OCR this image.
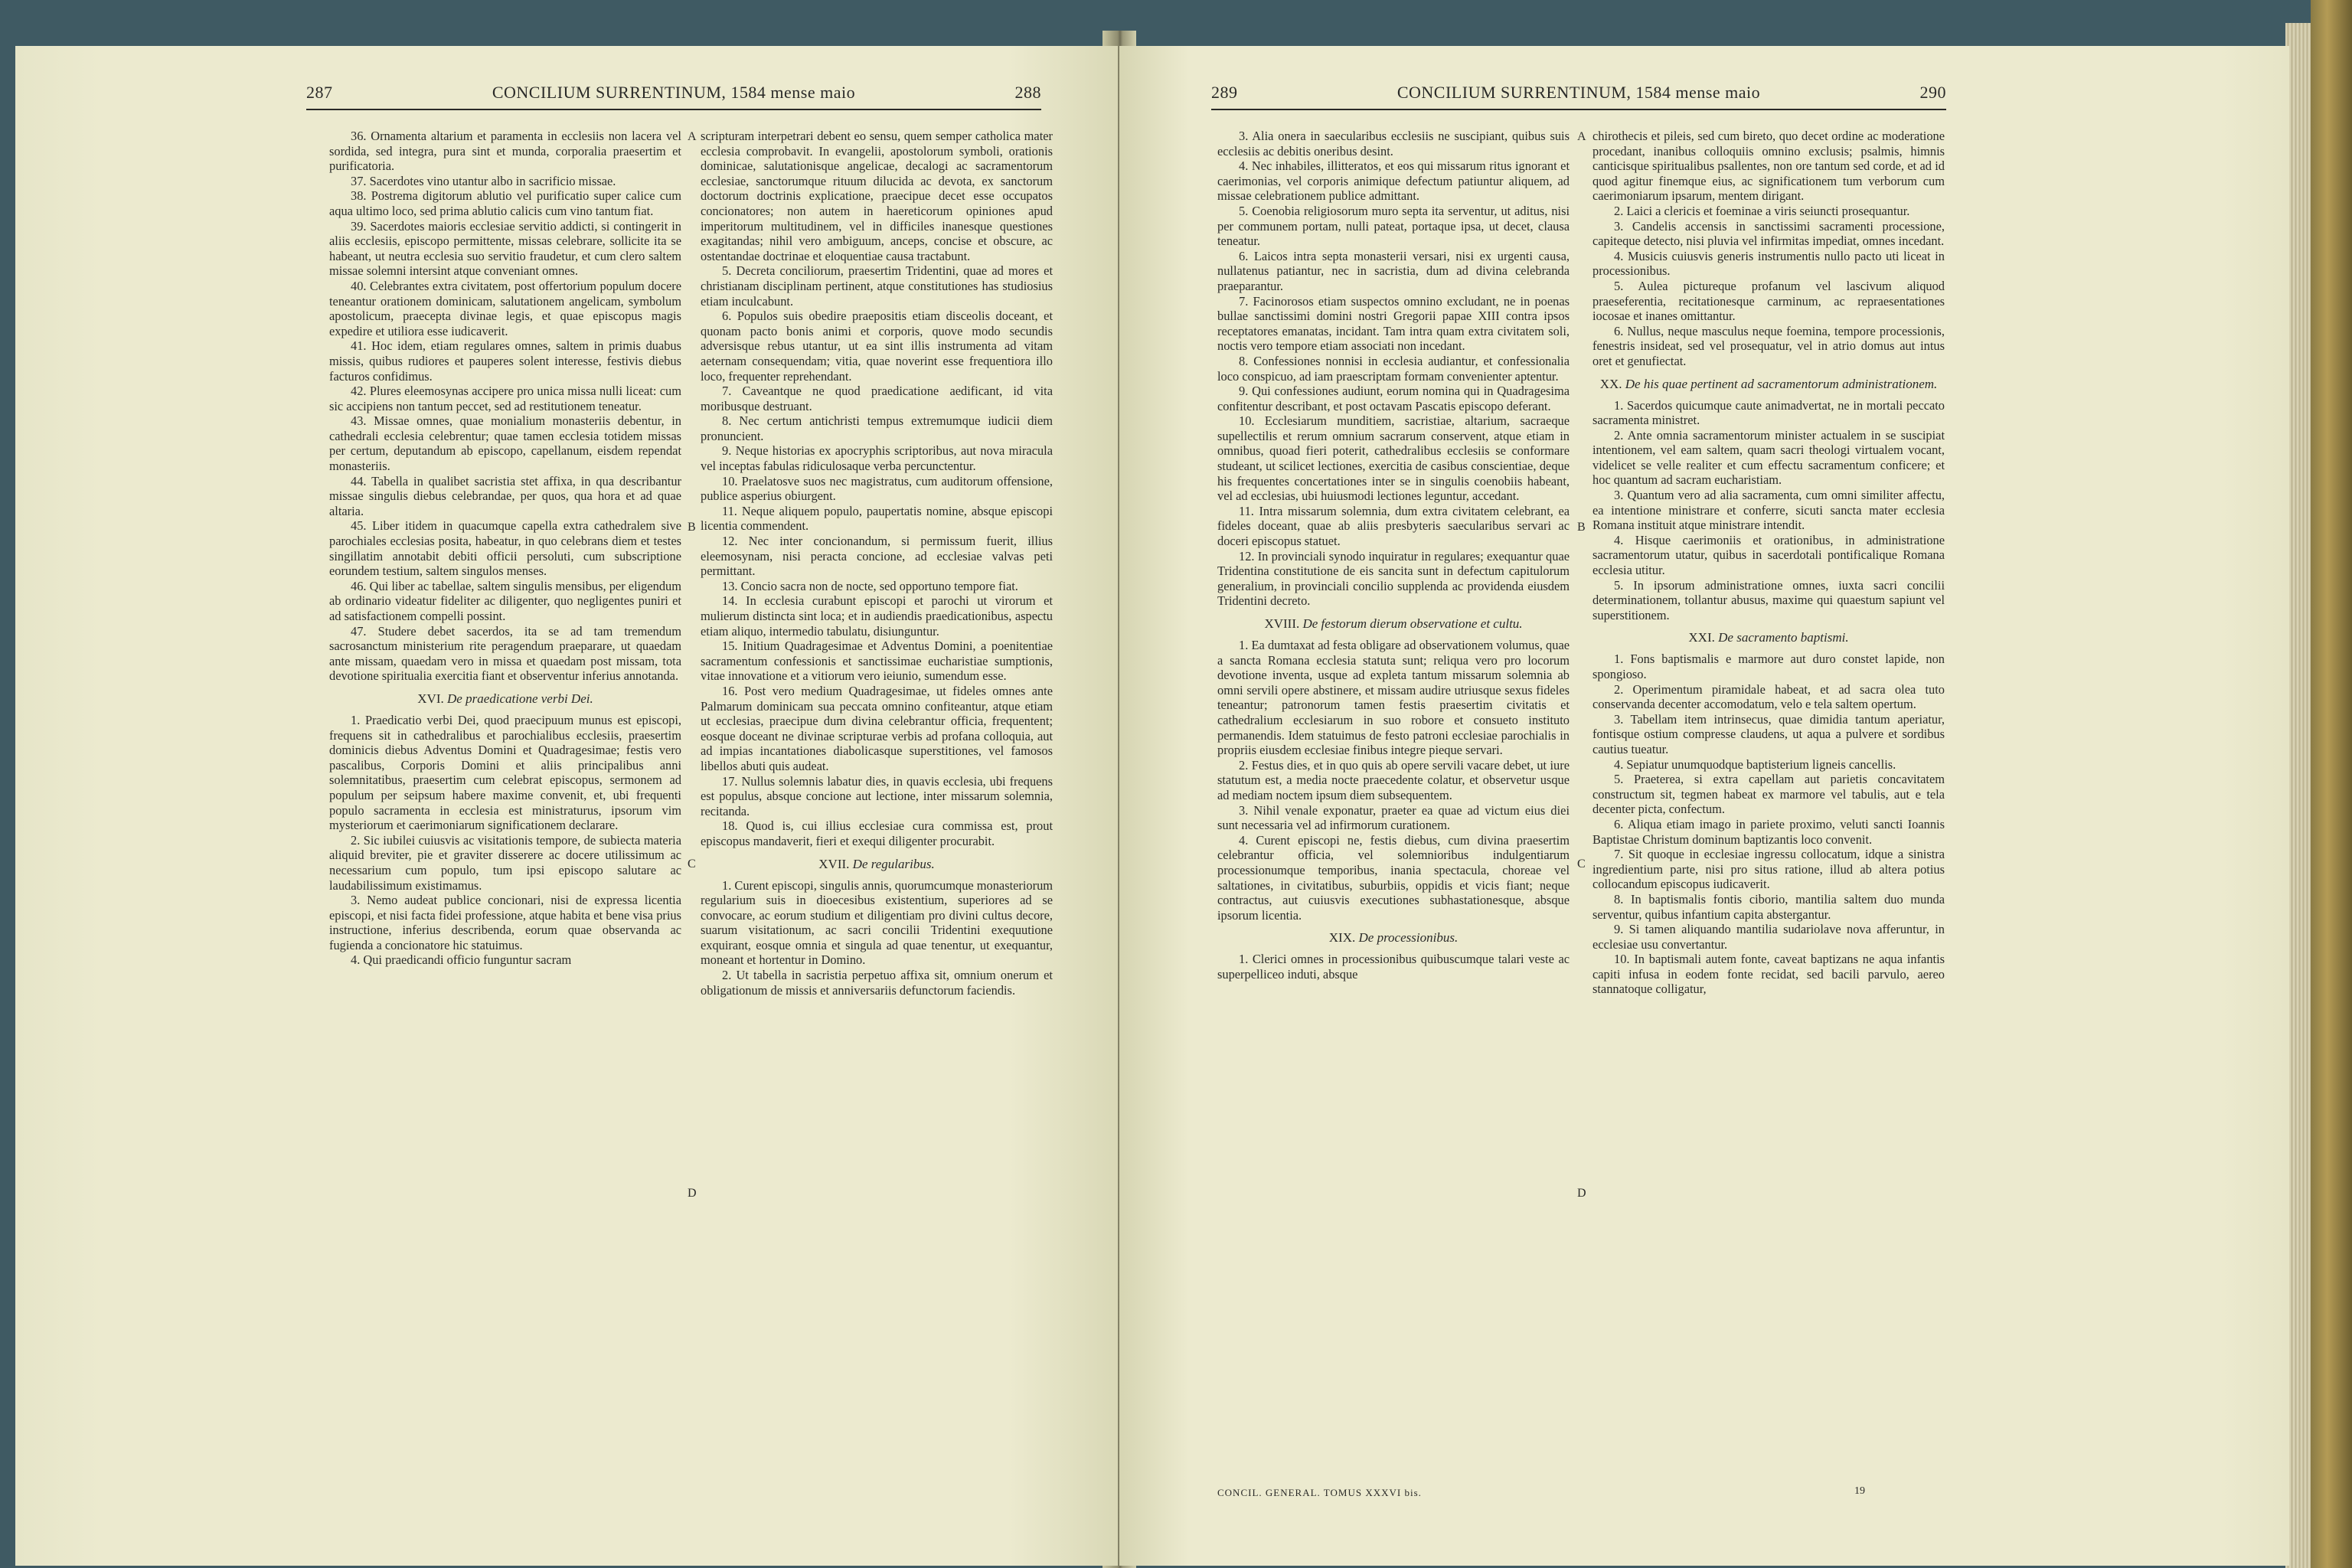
287	CONCILIUM SURRENTINUM, 1584 mense maio	288

36. Ornamenta altarium et paramenta in ecclesiis non lacera vel sordida, sed integra, pura sint et munda, corporalia praesertim et purificatoria.

37. Sacerdotes vino utantur albo in sacrificio missae.

38. Postrema digitorum ablutio vel purificatio super calice cum aqua ultimo loco, sed prima ablutio calicis cum vino tantum fiat.

39. Sacerdotes maioris ecclesiae servitio addicti, si contingerit in aliis ecclesiis, episcopo permittente, missas celebrare, sollicite ita se habeant, ut neutra ecclesia suo servitio fraudetur, et cum clero saltem missae solemni intersint atque conveniant omnes.

40. Celebrantes extra civitatem, post offertorium populum docere teneantur orationem dominicam, salutationem angelicam, symbolum apostolicum, praecepta divinae legis, et quae episcopus magis expedire et utiliora esse iudicaverit.

41. Hoc idem, etiam regulares omnes, saltem in primis duabus missis, quibus rudiores et pauperes solent interesse, festivis diebus facturos confidimus.

42. Plures eleemosynas accipere pro unica missa nulli liceat: cum sic accipiens non tantum peccet, sed ad restitutionem teneatur.

43. Missae omnes, quae monialium monasteriis debentur, in cathedrali ecclesia celebrentur; quae tamen ecclesia totidem missas per certum, deputandum ab episcopo, capellanum, eisdem rependat monasteriis.

44. Tabella in qualibet sacristia stet affixa, in qua describantur missae singulis diebus celebrandae, per quos, qua hora et ad quae altaria.

45. Liber itidem in quacumque capella extra cathedralem sive parochiales ecclesias posita, habeatur, in quo celebrans diem et testes singillatim annotabit debiti officii persoluti, cum subscriptione eorundem testium, saltem singulos menses.

46. Qui liber ac tabellae, saltem singulis mensibus, per eligendum ab ordinario videatur fideliter ac diligenter, quo negligentes puniri et ad satisfactionem compelli possint.

47. Studere debet sacerdos, ita se ad tam tremendum sacrosanctum ministerium rite peragendum praeparare, ut quaedam ante missam, quaedam vero in missa et quaedam post missam, tota devotione spiritualia exercitia fiant et observentur inferius annotanda.

XVI. De praedicatione verbi Dei.

1. Praedicatio verbi Dei, quod praecipuum munus est episcopi, frequens sit in cathedralibus et parochialibus ecclesiis, praesertim dominicis diebus Adventus Domini et Quadragesimae; festis vero pascalibus, Corporis Domini et aliis principalibus anni solemnitatibus, praesertim cum celebrat episcopus, sermonem ad populum per seipsum habere maxime convenit, et, ubi frequenti populo sacramenta in ecclesia est ministraturus, ipsorum vim mysteriorum et caerimoniarum significationem declarare.

2. Sic iubilei cuiusvis ac visitationis tempore, de subiecta materia aliquid breviter, pie et graviter disserere ac docere utilissimum ac necessarium cum populo, tum ipsi episcopo salutare ac laudabilissimum existimamus.

3. Nemo audeat publice concionari, nisi de expressa licentia episcopi, et nisi facta fidei professione, atque habita et bene visa prius instructione, inferius describenda, eorum quae observanda ac fugienda a concionatore hic statuimus.

4. Qui praedicandi officio funguntur sacram

scripturam interpetrari debent eo sensu, quem semper catholica mater ecclesia comprobavit. In evangelii, apostolorum symboli, orationis dominicae, salutationisque angelicae, decalogi ac sacramentorum ecclesiae, sanctorumque rituum dilucida ac devota, ex sanctorum doctorum doctrinis explicatione, praecipue decet esse occupatos concionatores; non autem in haereticorum opiniones apud imperitorum multitudinem, vel in difficiles inanesque questiones exagitandas; nihil vero ambiguum, anceps, concise et obscure, ac ostentandae doctrinae et eloquentiae causa tractabunt.

5. Decreta conciliorum, praesertim Tridentini, quae ad mores et christianam disciplinam pertinent, atque constitutiones has studiosius etiam inculcabunt.

6. Populos suis obedire praepositis etiam disceolis doceant, et quonam pacto bonis animi et corporis, quove modo secundis adversisque rebus utantur, ut ea sint illis instrumenta ad vitam aeternam consequendam; vitia, quae noverint esse frequentiora illo loco, frequenter reprehendant.

7. Caveantque ne quod praedicatione aedificant, id vita moribusque destruant.

8. Nec certum antichristi tempus extremumque iudicii diem pronuncient.

9. Neque historias ex apocryphis scriptoribus, aut nova miracula vel inceptas fabulas ridiculosaque verba percunctentur.

10. Praelatosve suos nec magistratus, cum auditorum offensione, publice asperius obiurgent.

11. Neque aliquem populo, paupertatis nomine, absque episcopi licentia commendent.

12. Nec inter concionandum, si permissum fuerit, illius eleemosynam, nisi peracta concione, ad ecclesiae valvas peti permittant.

13. Concio sacra non de nocte, sed opportuno tempore fiat.

14. In ecclesia curabunt episcopi et parochi ut virorum et mulierum distincta sint loca; et in audiendis praedicationibus, aspectu etiam aliquo, intermedio tabulatu, disiunguntur.

15. Initium Quadragesimae et Adventus Domini, a poenitentiae sacramentum confessionis et sanctissimae eucharistiae sumptionis, vitae innovatione et a vitiorum vero ieiunio, sumendum esse.

16. Post vero medium Quadragesimae, ut fideles omnes ante Palmarum dominicam sua peccata omnino confiteantur, atque etiam ut ecclesias, praecipue dum divina celebrantur officia, frequentent; eosque doceant ne divinae scripturae verbis ad profana colloquia, aut ad impias incantationes diabolicasque superstitiones, vel famosos libellos abuti quis audeat.

17. Nullus solemnis labatur dies, in quavis ecclesia, ubi frequens est populus, absque concione aut lectione, inter missarum solemnia, recitanda.

18. Quod is, cui illius ecclesiae cura commissa est, prout episcopus mandaverit, fieri et exequi diligenter procurabit.

XVII. De regularibus.

1. Curent episcopi, singulis annis, quorumcumque monasteriorum regularium suis in dioecesibus existentium, superiores ad se convocare, ac eorum studium et diligentiam pro divini cultus decore, suarum visitationum, ac sacri concilii Tridentini exequutione exquirant, eosque omnia et singula ad quae tenentur, ut exequantur, moneant et hortentur in Domino.

2. Ut tabella in sacristia perpetuo affixa sit, omnium onerum et obligationum de missis et anniversariis defunctorum faciendis.

A
B
C
D
289	CONCILIUM SURRENTINUM, 1584 mense maio	290

3. Alia onera in saecularibus ecclesiis ne suscipiant, quibus suis ecclesiis ac debitis oneribus desint.

4. Nec inhabiles, illitteratos, et eos qui missarum ritus ignorant et caerimonias, vel corporis animique defectum patiuntur aliquem, ad missae celebrationem publice admittant.

5. Coenobia religiosorum muro septa ita serventur, ut aditus, nisi per communem portam, nulli pateat, portaque ipsa, ut decet, clausa teneatur.

6. Laicos intra septa monasterii versari, nisi ex urgenti causa, nullatenus patiantur, nec in sacristia, dum ad divina celebranda praeparantur.

7. Facinorosos etiam suspectos omnino excludant, ne in poenas bullae sanctissimi domini nostri Gregorii papae XIII contra ipsos receptatores emanatas, incidant. Tam intra quam extra civitatem soli, noctis vero tempore etiam associati non incedant.

8. Confessiones nonnisi in ecclesia audiantur, et confessionalia loco conspicuo, ad iam praescriptam formam convenienter aptentur.

9. Qui confessiones audiunt, eorum nomina qui in Quadragesima confitentur describant, et post octavam Pascatis episcopo deferant.

10. Ecclesiarum munditiem, sacristiae, altarium, sacraeque supellectilis et rerum omnium sacrarum conservent, atque etiam in omnibus, quoad fieri poterit, cathedralibus ecclesiis se conformare studeant, ut scilicet lectiones, exercitia de casibus conscientiae, deque his frequentes concertationes inter se in singulis coenobiis habeant, vel ad ecclesias, ubi huiusmodi lectiones leguntur, accedant.

11. Intra missarum solemnia, dum extra civitatem celebrant, ea fideles doceant, quae ab aliis presbyteris saecularibus servari ac doceri episcopus statuet.

12. In provinciali synodo inquiratur in regulares; exequantur quae Tridentina constitutione de eis sancita sunt in defectum capitulorum generalium, in provinciali concilio supplenda ac providenda eiusdem Tridentini decreto.

XVIII. De festorum dierum observatione et cultu.

1. Ea dumtaxat ad festa obligare ad observationem volumus, quae a sancta Romana ecclesia statuta sunt; reliqua vero pro locorum devotione inventa, usque ad expleta tantum missarum solemnia ab omni servili opere abstinere, et missam audire utriusque sexus fideles teneantur; patronorum tamen festis praesertim civitatis et cathedralium ecclesiarum in suo robore et consueto instituto permanendis. Idem statuimus de festo patroni ecclesiae parochialis in propriis eiusdem ecclesiae finibus integre pieque servari.

2. Festus dies, et in quo quis ab opere servili vacare debet, ut iure statutum est, a media nocte praecedente colatur, et observetur usque ad mediam noctem ipsum diem subsequentem.

3. Nihil venale exponatur, praeter ea quae ad victum eius diei sunt necessaria vel ad infirmorum curationem.

4. Curent episcopi ne, festis diebus, cum divina praesertim celebrantur officia, vel solemnioribus indulgentiarum processionumque temporibus, inania spectacula, choreae vel saltationes, in civitatibus, suburbiis, oppidis et vicis fiant; neque contractus, aut cuiusvis executiones subhastationesque, absque ipsorum licentia.

XIX. De processionibus.

1. Clerici omnes in processionibus quibuscumque talari veste ac superpelliceo induti, absque

chirothecis et pileis, sed cum bireto, quo decet ordine ac moderatione procedant, inanibus colloquiis omnino exclusis; psalmis, himnis canticisque spiritualibus psallentes, non ore tantum sed corde, et ad id quod agitur finemque eius, ac significationem tum verborum cum caerimoniarum ipsarum, mentem dirigant.

2. Laici a clericis et foeminae a viris seiuncti prosequantur.

3. Candelis accensis in sanctissimi sacramenti processione, capiteque detecto, nisi pluvia vel infirmitas impediat, omnes incedant.

4. Musicis cuiusvis generis instrumentis nullo pacto uti liceat in processionibus.

5. Aulea pictureque profanum vel lascivum aliquod praeseferentia, recitationesque carminum, ac repraesentationes iocosae et inanes omittantur.

6. Nullus, neque masculus neque foemina, tempore processionis, fenestris insideat, sed vel prosequatur, vel in atrio domus aut intus oret et genufiectat.

XX. De his quae pertinent ad sacramentorum administrationem.

1. Sacerdos quicumque caute animadvertat, ne in mortali peccato sacramenta ministret.

2. Ante omnia sacramentorum minister actualem in se suscipiat intentionem, vel eam saltem, quam sacri theologi virtualem vocant, videlicet se velle realiter et cum effectu sacramentum conficere; et hoc quantum ad sacram eucharistiam.

3. Quantum vero ad alia sacramenta, cum omni similiter affectu, ea intentione ministrare et conferre, sicuti sancta mater ecclesia Romana instituit atque ministrare intendit.

4. Hisque caerimoniis et orationibus, in administratione sacramentorum utatur, quibus in sacerdotali pontificalique Romana ecclesia utitur.

5. In ipsorum administratione omnes, iuxta sacri concilii determinationem, tollantur abusus, maxime qui quaestum sapiunt vel superstitionem.

XXI. De sacramento baptismi.

1. Fons baptismalis e marmore aut duro constet lapide, non spongioso.

2. Operimentum piramidale habeat, et ad sacra olea tuto conservanda decenter accomodatum, velo e tela saltem opertum.

3. Tabellam item intrinsecus, quae dimidia tantum aperiatur, fontisque ostium compresse claudens, ut aqua a pulvere et sordibus cautius tueatur.

4. Sepiatur unumquodque baptisterium ligneis cancellis.

5. Praeterea, si extra capellam aut parietis concavitatem constructum sit, tegmen habeat ex marmore vel tabulis, aut e tela decenter picta, confectum.

6. Aliqua etiam imago in pariete proximo, veluti sancti Ioannis Baptistae Christum dominum baptizantis loco convenit.

7. Sit quoque in ecclesiae ingressu collocatum, idque a sinistra ingredientium parte, nisi pro situs ratione, illud ab altera potius collocandum episcopus iudicaverit.

8. In baptismalis fontis ciborio, mantilia saltem duo munda serventur, quibus infantium capita abstergantur.

9. Si tamen aliquando mantilia sudariolave nova afferuntur, in ecclesiae usu convertantur.

10. In baptismali autem fonte, caveat baptizans ne aqua infantis capiti infusa in eodem fonte recidat, sed bacili parvulo, aereo stannatoque colligatur,

A
B
C
D
CONCIL. GENERAL. TOMUS XXXVI bis.	19
